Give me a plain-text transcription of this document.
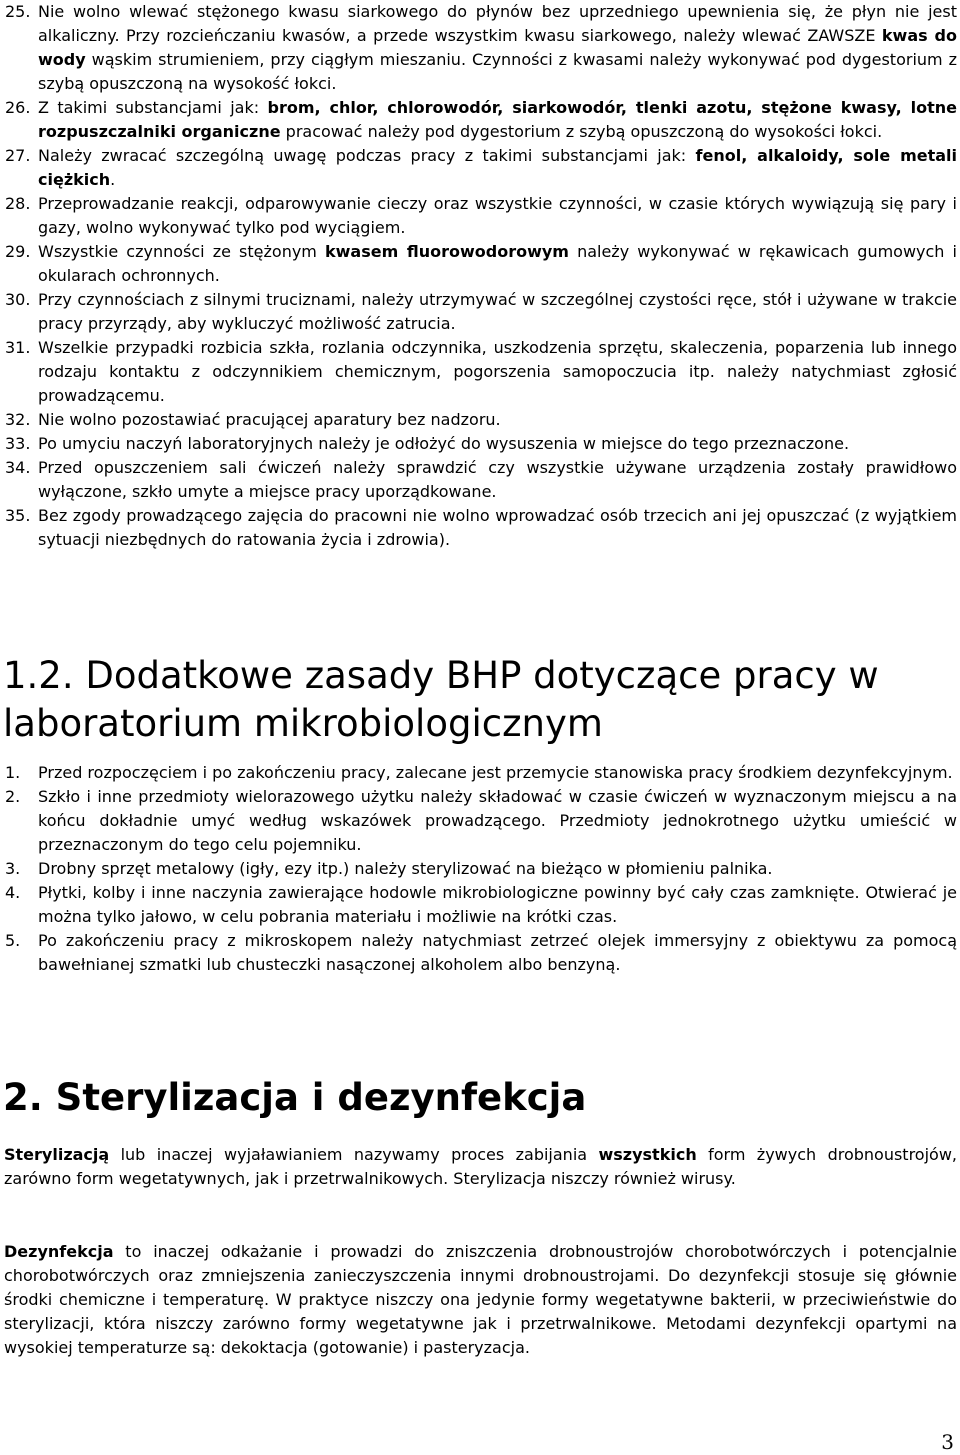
25. Nie wolno wlewać stężonego kwasu siarkowego do płynów bez uprzedniego upewnienia się, że płyn nie jest alkaliczny. Przy rozcieńczaniu kwasów, a przede wszystkim kwasu siarkowego, należy wlewać ZAWSZE kwas do wody wąskim strumieniem, przy ciągłym mieszaniu. Czynności z kwasami należy wykonywać pod dygestorium z szybą opuszczoną na wysokość łokci.
26. Z takimi substancjami jak: brom, chlor, chlorowodór, siarkowodór, tlenki azotu, stężone kwasy, lotne rozpuszczalniki organiczne pracować należy pod dygestorium z szybą opuszczoną do wysokości łokci.
27. Należy zwracać szczególną uwagę podczas pracy z takimi substancjami jak: fenol, alkaloidy, sole metali ciężkich.
28. Przeprowadzanie reakcji, odparowywanie cieczy oraz wszystkie czynności, w czasie których wywiązują się pary i gazy, wolno wykonywać tylko pod wyciągiem.
29. Wszystkie czynności ze stężonym kwasem fluorowodorowym należy wykonywać w rękawicach gumowych i okularach ochronnych.
30. Przy czynnościach z silnymi truciznami, należy utrzymywać w szczególnej czystości ręce, stół i używane w trakcie pracy przyrządy, aby wykluczyć możliwość zatrucia.
31. Wszelkie przypadki rozbicia szkła, rozlania odczynnika, uszkodzenia sprzętu, skaleczenia, poparzenia lub innego rodzaju kontaktu z odczynnikiem chemicznym, pogorszenia samopoczucia itp. należy natychmiast zgłosić prowadzącemu.
32. Nie wolno pozostawiać pracującej aparatury bez nadzoru.
33. Po umyciu naczyń laboratoryjnych należy je odłożyć do wysuszenia w miejsce do tego przeznaczone.
34. Przed opuszczeniem sali ćwiczeń należy sprawdzić czy wszystkie używane urządzenia zostały prawidłowo wyłączone, szkło umyte a miejsce pracy uporządkowane.
35. Bez zgody prowadzącego zajęcia do pracowni nie wolno wprowadzać osób trzecich ani jej opuszczać (z wyjątkiem sytuacji niezbędnych do ratowania życia i zdrowia).
1.2. Dodatkowe zasady BHP dotyczące pracy w laboratorium mikrobiologicznym
1.	Przed rozpoczęciem i po zakończeniu pracy, zalecane jest przemycie stanowiska pracy środkiem dezynfekcyjnym.
2.	Szkło i inne przedmioty wielorazowego użytku należy składować w czasie ćwiczeń w wyznaczonym miejscu a na końcu dokładnie umyć według wskazówek prowadzącego. Przedmioty jednokrotnego użytku umieścić w przeznaczonym do tego celu pojemniku.
3.	Drobny sprzęt metalowy (igły, ezy itp.) należy sterylizować na bieżąco w płomieniu palnika.
4.	Płytki, kolby i inne naczynia zawierające hodowle mikrobiologiczne powinny być cały czas zamknięte. Otwierać je można tylko jałowo, w celu pobrania materiału i możliwie na krótki czas.
5.	Po zakończeniu pracy z mikroskopem należy natychmiast zetrzeć olejek immersyjny z obiektywu za pomocą bawełnianej szmatki lub chusteczki nasączonej alkoholem albo benzyną.
2. Sterylizacja i dezynfekcja

Sterylizacją lub inaczej wyjaławianiem nazywamy proces zabijania wszystkich form żywych drobnoustrojów, zarówno form wegetatywnych, jak i przetrwalnikowych. Sterylizacja niszczy również wirusy.

Dezynfekcja to inaczej odkażanie i prowadzi do zniszczenia drobnoustrojów chorobotwórczych i potencjalnie chorobotwórczych oraz zmniejszenia zanieczyszczenia innymi drobnoustrojami. Do dezynfekcji stosuje się głównie środki chemiczne i temperaturę. W praktyce niszczy ona jedynie formy wegetatywne bakterii, w przeciwieństwie do sterylizacji, która niszczy zarówno formy wegetatywne jak i przetrwalnikowe. Metodami dezynfekcji opartymi na wysokiej temperaturze są: dekoktacja (gotowanie) i pasteryzacja.

3
